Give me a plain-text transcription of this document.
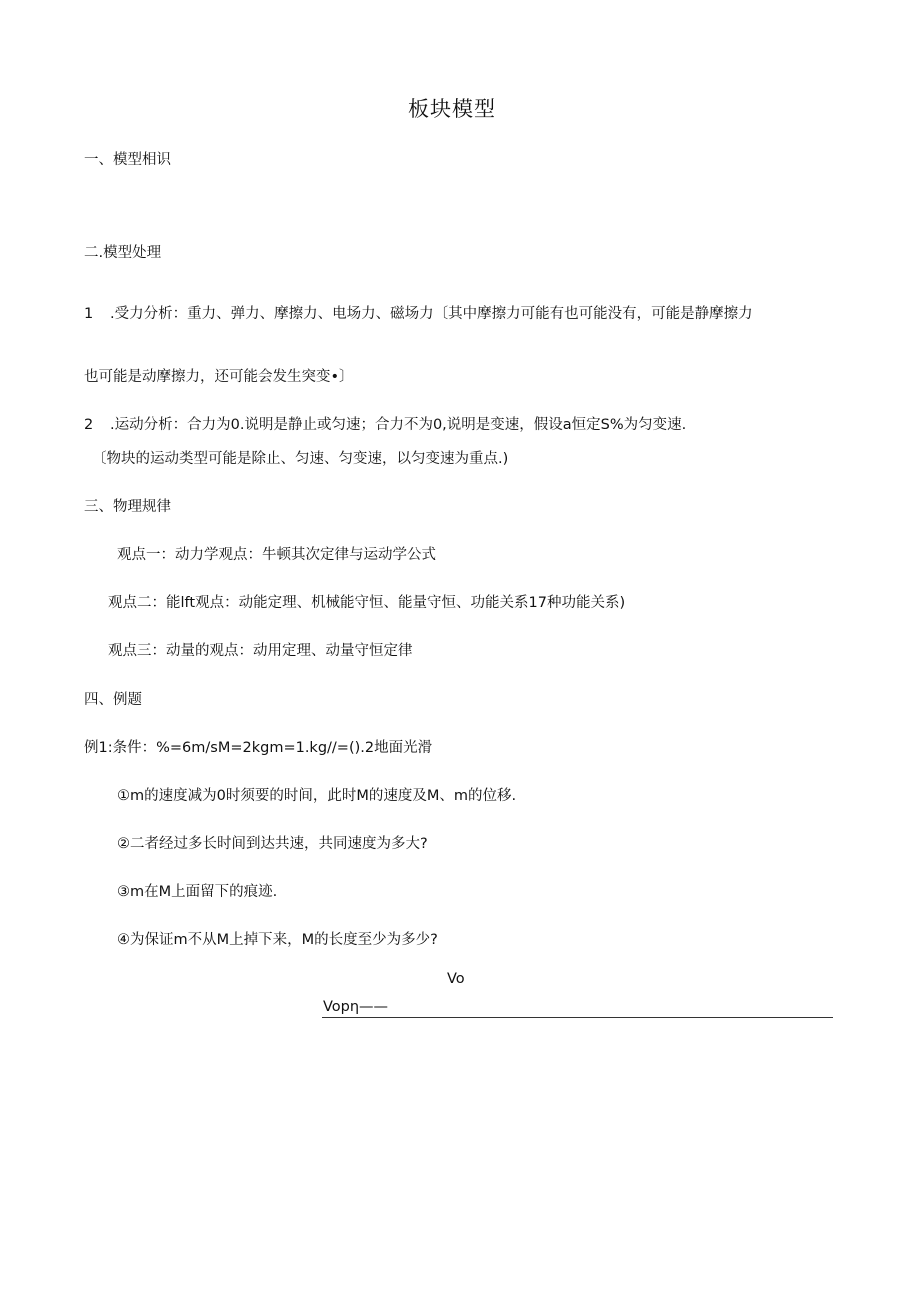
板块模型
一、模型相识
二.模型处理
1 .受力分析：重力、弹力、摩擦力、电场力、磁场力〔其中摩擦力可能有也可能没有，可能是静摩擦力
也可能是动摩擦力，还可能会发生突变•〕
2 .运动分析：合力为0.说明是静止或匀速；合力不为0,说明是变速，假设a恒定S%为匀变速.
〔物块的运动类型可能是除止、匀速、匀变速，以匀变速为重点.)
三、物理规律
观点一：动力学观点：牛顿其次定律与运动学公式
观点二：能lft观点：动能定理、机械能守恒、能量守恒、功能关系17种功能关系)
观点三：动量的观点：动用定理、动量守恒定律
四、例题
例1:条件：%=6m/sM=2kgm=1.kg//=().2地面光滑
①m的速度减为0时须要的时间，此时M的速度及M、m的位移.
②二者经过多长时间到达共速，共同速度为多大?
③m在M上面留下的痕迹.
④为保证m不从M上掉下来，M的长度至少为多少?
Vo
Vopη——
